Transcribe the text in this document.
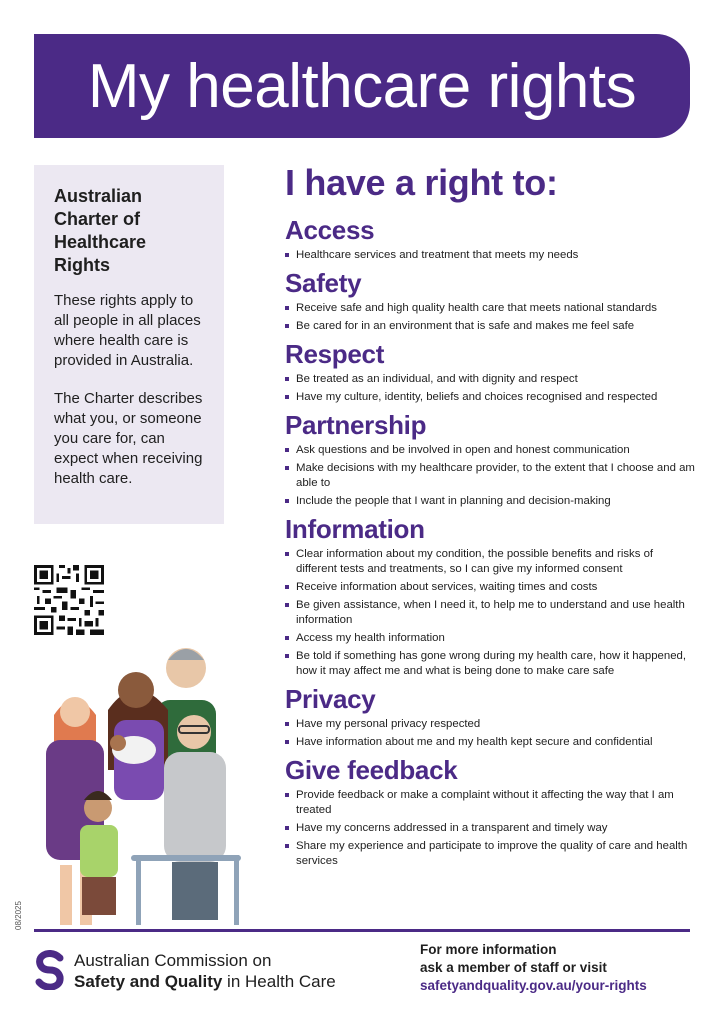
My healthcare rights

Australian Charter of Healthcare Rights

These rights apply to all people in all places where health care is provided in Australia.

The Charter describes what you, or someone you care for, can expect when receiving health care.

08/2025
I have a right to:
Access
Healthcare services and treatment that meets my needs
Safety
Receive safe and high quality health care that meets national standards
Be cared for in an environment that is safe and makes me feel safe
Respect
Be treated as an individual, and with dignity and respect
Have my culture, identity, beliefs and choices recognised and respected
Partnership
Ask questions and be involved in open and honest communication
Make decisions with my healthcare provider, to the extent that I choose and am able to
Include the people that I want in planning and decision-making
Information
Clear information about my condition, the possible benefits and risks of different tests and treatments, so I can give my informed consent
Receive information about services, waiting times and costs
Be given assistance, when I need it, to help me to understand and use health information
Access my health information
Be told if something has gone wrong during my health care, how it happened, how it may affect me and what is being done to make care safe
Privacy
Have my personal privacy respected
Have information about me and my health kept secure and confidential
Give feedback
Provide feedback or make a complaint without it affecting the way that I am treated
Have my concerns addressed in a transparent and timely way
Share my experience and participate to improve the quality of care and health services
Australian Commission on
Safety and Quality in Health Care
For more information
ask a member of staff or visit
safetyandquality.gov.au/your-rights
